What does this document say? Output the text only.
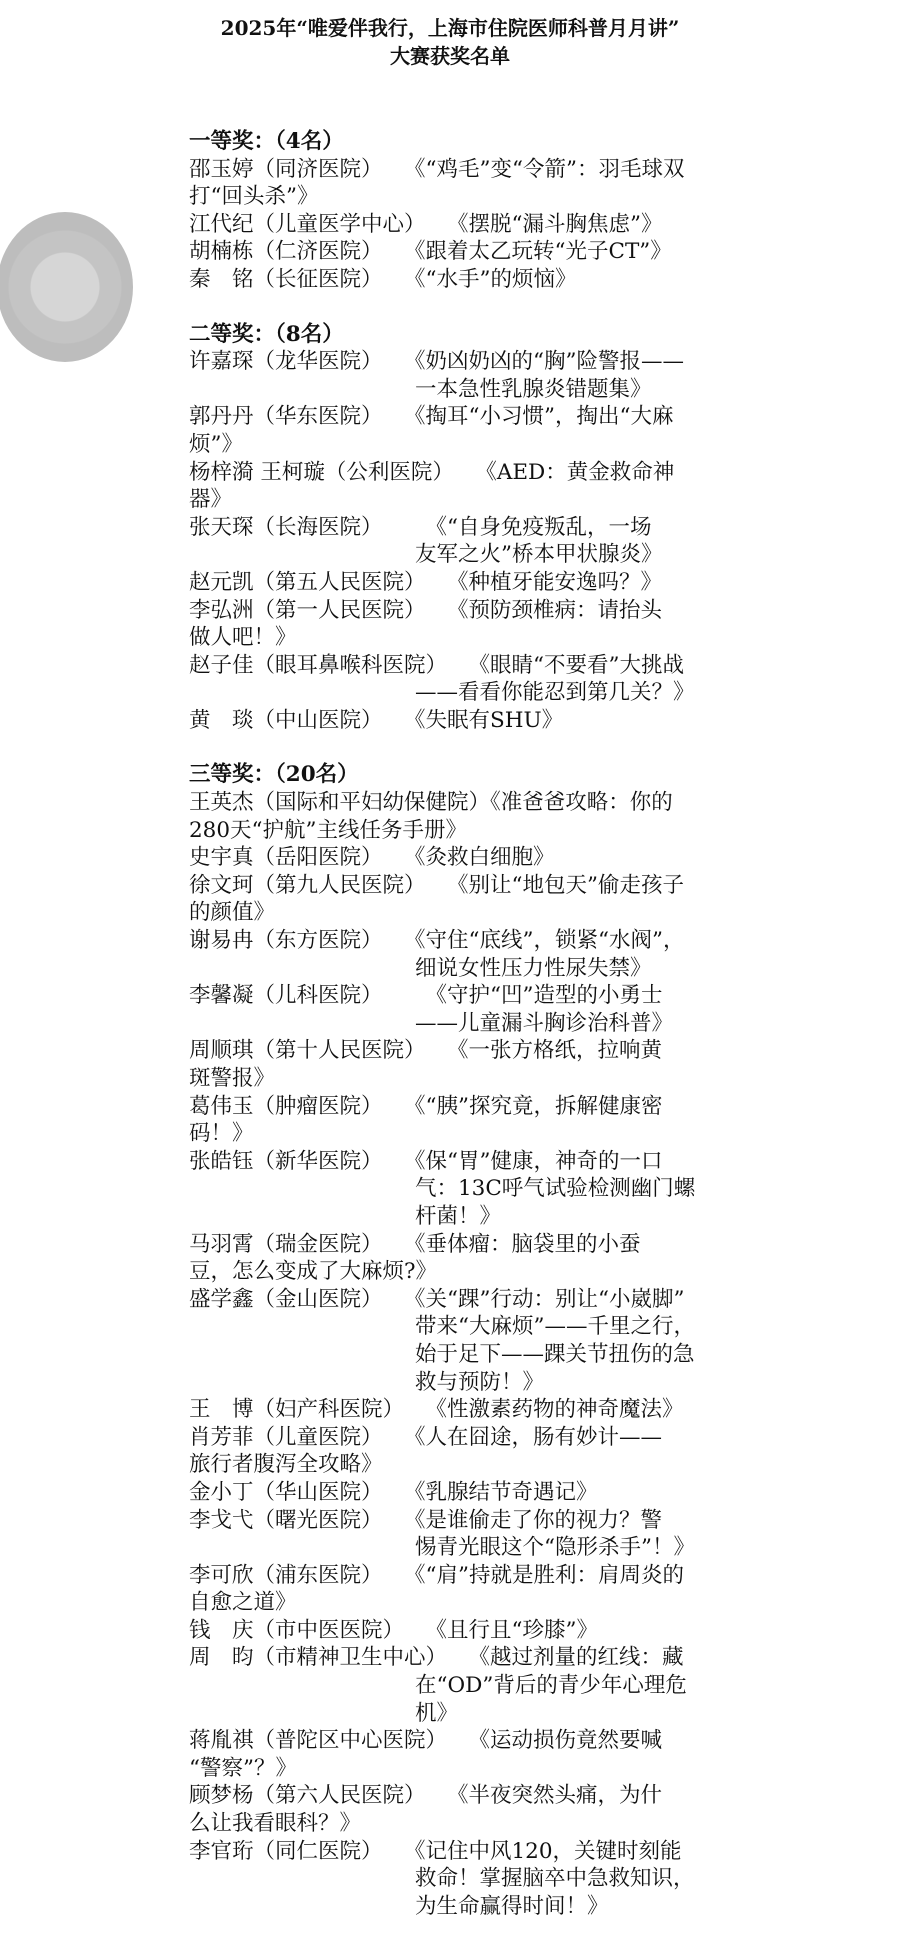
2025年“唯爱伴我行，上海市住院医师科普月月讲”
大赛获奖名单
一等奖：（4名）
邵玉婷（同济医院）　　《“鸡毛”变“令箭”：羽毛球双
打“回头杀”》
江代纪（儿童医学中心）　　《摆脱“漏斗胸焦虑”》
胡楠栋（仁济医院）　　《跟着太乙玩转“光子CT”》
秦　铭（长征医院）　　《“水手”的烦恼》
二等奖：（8名）
许嘉琛（龙华医院）　　《奶凶奶凶的“胸”险警报——
一本急性乳腺炎错题集》
郭丹丹（华东医院）　　《掏耳“小习惯”，掏出“大麻
烦”》
杨梓漪 王柯璇（公利医院）　　《AED：黄金救命神
器》
张天琛（长海医院）　　　《“自身免疫叛乱，一场
友军之火”桥本甲状腺炎》
赵元凯（第五人民医院）　　《种植牙能安逸吗？》
李弘洲（第一人民医院）　　《预防颈椎病：请抬头
做人吧！》
赵子佳（眼耳鼻喉科医院）　　《眼睛“不要看”大挑战
——看看你能忍到第几关？》
黄　琰（中山医院）　　《失眠有SHU》
三等奖：（20名）
王英杰（国际和平妇幼保健院）《准爸爸攻略：你的
280天“护航”主线任务手册》
史宇真（岳阳医院）　　《灸救白细胞》
徐文珂（第九人民医院）　　《别让“地包天”偷走孩子
的颜值》
谢易冉（东方医院）　　《守住“底线”，锁紧“水阀”，
细说女性压力性尿失禁》
李馨凝（儿科医院）　　　《守护“凹”造型的小勇士
——儿童漏斗胸诊治科普》
周顺琪（第十人民医院）　　《一张方格纸，拉响黄
斑警报》
葛伟玉（肿瘤医院）　　《“胰”探究竟，拆解健康密
码！》
张皓钰（新华医院）　　《保“胃”健康，神奇的一口
气：13C呼气试验检测幽门螺
杆菌！》
马羽霄（瑞金医院）　　《垂体瘤：脑袋里的小蚕
豆，怎么变成了大麻烦?》
盛学鑫（金山医院）　　《关“踝”行动：别让“小崴脚”
带来“大麻烦”——千里之行，
始于足下——踝关节扭伤的急
救与预防！》
王　博（妇产科医院）　　《性激素药物的神奇魔法》
肖芳菲（儿童医院）　　《人在囧途，肠有妙计——
旅行者腹泻全攻略》
金小丁（华山医院）　　《乳腺结节奇遇记》
李戈弋（曙光医院）　　《是谁偷走了你的视力？警
惕青光眼这个“隐形杀手”！》
李可欣（浦东医院）　　《“肩”持就是胜利：肩周炎的
自愈之道》
钱　庆（市中医医院）　　《且行且“珍膝”》
周　昀（市精神卫生中心）　　《越过剂量的红线：藏
在“OD”背后的青少年心理危
机》
蒋胤祺（普陀区中心医院）　　《运动损伤竟然要喊
“警察”？》
顾梦杨（第六人民医院）　　《半夜突然头痛，为什
么让我看眼科？》
李官珩（同仁医院）　　《记住中风120，关键时刻能
救命！掌握脑卒中急救知识，
为生命赢得时间！》
